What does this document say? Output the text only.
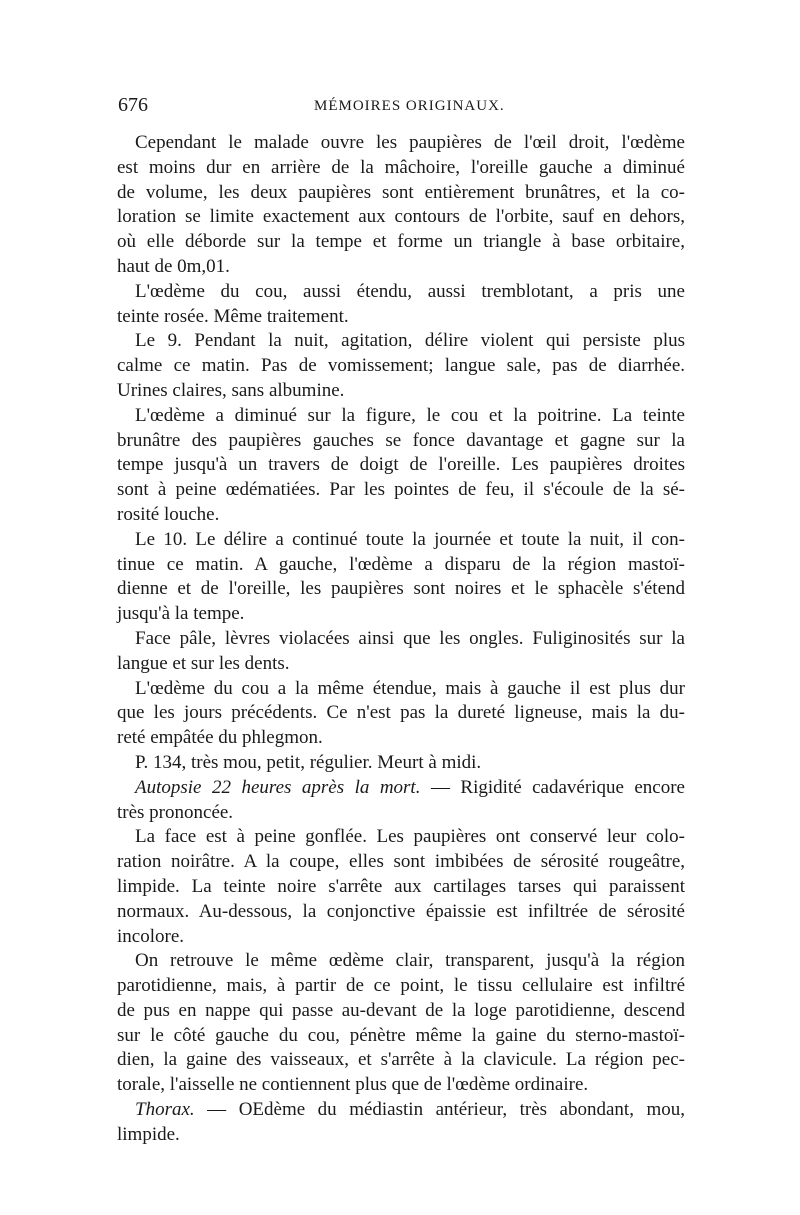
676	MÉMOIRES ORIGINAUX.
Cependant le malade ouvre les paupières de l'œil droit, l'œdème
est moins dur en arrière de la mâchoire, l'oreille gauche a diminué
de volume, les deux paupières sont entièrement brunâtres, et la co-
loration se limite exactement aux contours de l'orbite, sauf en dehors,
où elle déborde sur la tempe et forme un triangle à base orbitaire,
haut de 0m,01.
L'œdème du cou, aussi étendu, aussi tremblotant, a pris une
teinte rosée. Même traitement.
Le 9. Pendant la nuit, agitation, délire violent qui persiste plus
calme ce matin. Pas de vomissement; langue sale, pas de diarrhée.
Urines claires, sans albumine.
L'œdème a diminué sur la figure, le cou et la poitrine. La teinte
brunâtre des paupières gauches se fonce davantage et gagne sur la
tempe jusqu'à un travers de doigt de l'oreille. Les paupières droites
sont à peine œdématiées. Par les pointes de feu, il s'écoule de la sé-
rosité louche.
Le 10. Le délire a continué toute la journée et toute la nuit, il con-
tinue ce matin. A gauche, l'œdème a disparu de la région mastoï-
dienne et de l'oreille, les paupières sont noires et le sphacèle s'étend
jusqu'à la tempe.
Face pâle, lèvres violacées ainsi que les ongles. Fuliginosités sur la
langue et sur les dents.
L'œdème du cou a la même étendue, mais à gauche il est plus dur
que les jours précédents. Ce n'est pas la dureté ligneuse, mais la du-
reté empâtée du phlegmon.
P. 134, très mou, petit, régulier. Meurt à midi.
Autopsie 22 heures après la mort. — Rigidité cadavérique encore
très prononcée.
La face est à peine gonflée. Les paupières ont conservé leur colo-
ration noirâtre. A la coupe, elles sont imbibées de sérosité rougeâtre,
limpide. La teinte noire s'arrête aux cartilages tarses qui paraissent
normaux. Au-dessous, la conjonctive épaissie est infiltrée de sérosité
incolore.
On retrouve le même œdème clair, transparent, jusqu'à la région
parotidienne, mais, à partir de ce point, le tissu cellulaire est infiltré
de pus en nappe qui passe au-devant de la loge parotidienne, descend
sur le côté gauche du cou, pénètre même la gaine du sterno-mastoï-
dien, la gaine des vaisseaux, et s'arrête à la clavicule. La région pec-
torale, l'aisselle ne contiennent plus que de l'œdème ordinaire.
Thorax. — OEdème du médiastin antérieur, très abondant, mou,
limpide.
